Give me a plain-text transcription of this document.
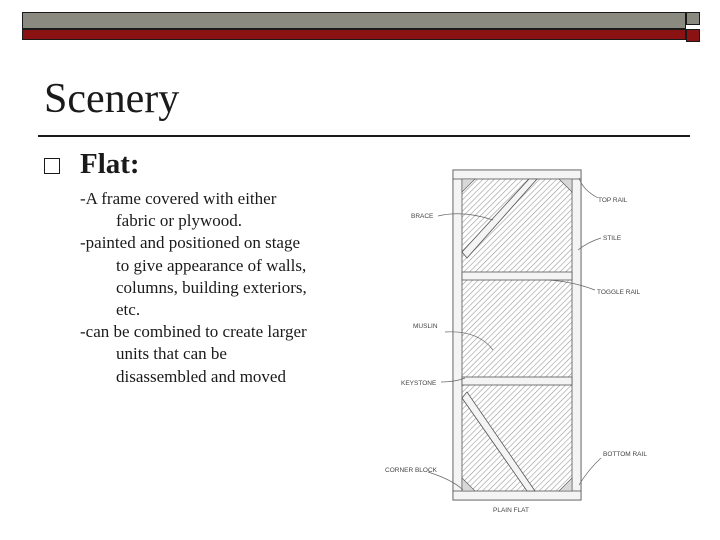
Scenery
Flat:

-A frame covered with either fabric or plywood.

-painted and positioned on stage to give appearance of walls, columns, building exteriors, etc.

-can be combined to create larger units that can be disassembled and moved

BRACE
TOP RAIL
STILE
TOGGLE RAIL
MUSLIN
KEYSTONE
CORNER BLOCK
BOTTOM RAIL
PLAIN FLAT
